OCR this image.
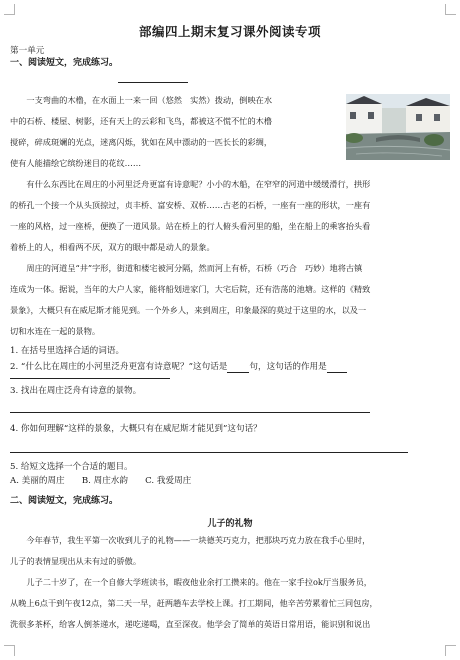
部编四上期末复习课外阅读专项
第一单元
一、阅读短文，完成练习。
一支弯曲的木橹，在水面上一来一回（悠然　实然）拨动，倒映在水
中的石桥、楼屋、树影，还有天上的云彩和飞鸟，都被这不慌不忙的木橹
搅碎，碎成斑斓的光点，迷离闪烁，犹如在风中漂动的一匹长长的彩绸，
使有人能描绘它缤纷迷目的花纹……
有什么东西比在周庄的小河里泛舟更富有诗意呢？小小的木船，在窄窄的河道中缓缓滑行，拱形
的桥孔一个接一个从头顶掠过，贞丰桥、富安桥、双桥……古老的石桥，一座有一座的形状，一座有
一座的风格，过一座桥，便换了一道风景。站在桥上的行人俯头看河里的船，坐在船上的乘客抬头看
着桥上的人，相看两不厌，双方的眼中都是动人的景象。
周庄的河道呈“井”字形，街道和楼宅被河分隔，然而河上有桥，石桥（巧合　巧妙）地将古镇
连成为一体。据说，当年的大户人家，能将船划进家门，大宅后院，还有浩荡的池塘。这样的《精致
景象》，大概只有在威尼斯才能见到。一个外乡人，来到周庄，印象最深的莫过于这里的水，以及一
切和水连在一起的景物。
1. 在括号里选择合适的词语。
2. “什么比在周庄的小河里泛舟更富有诗意呢？”这句话是	句，这句话的作用是
3. 找出在周庄泛舟有诗意的景物。
4. 你如何理解“这样的景象，大概只有在威尼斯才能见到”这句话？
5. 给短文选择一个合适的题目。
A. 美丽的周庄　　B. 周庄水韵　　C. 我爱周庄
二、阅读短文，完成练习。
儿子的礼物
今年春节，我生平第一次收到儿子的礼物——一块德芙巧克力，把那块巧克力放在我手心里时，
儿子的表情显现出从未有过的骄傲。
儿子二十岁了，在一个自修大学班读书，暇夜他业余打工攒来的。他在一家手拉ok厅当服务员，
从晚上6点干到午夜12点，第二天一早，赶两趟车去学校上课。打工期间，他辛苦劳累着忙三同包房，
洗很多茶杯，给客人倒茶递水，递吃递喝，直至深夜。他学会了简单的英语日常用语，能识别和说出
